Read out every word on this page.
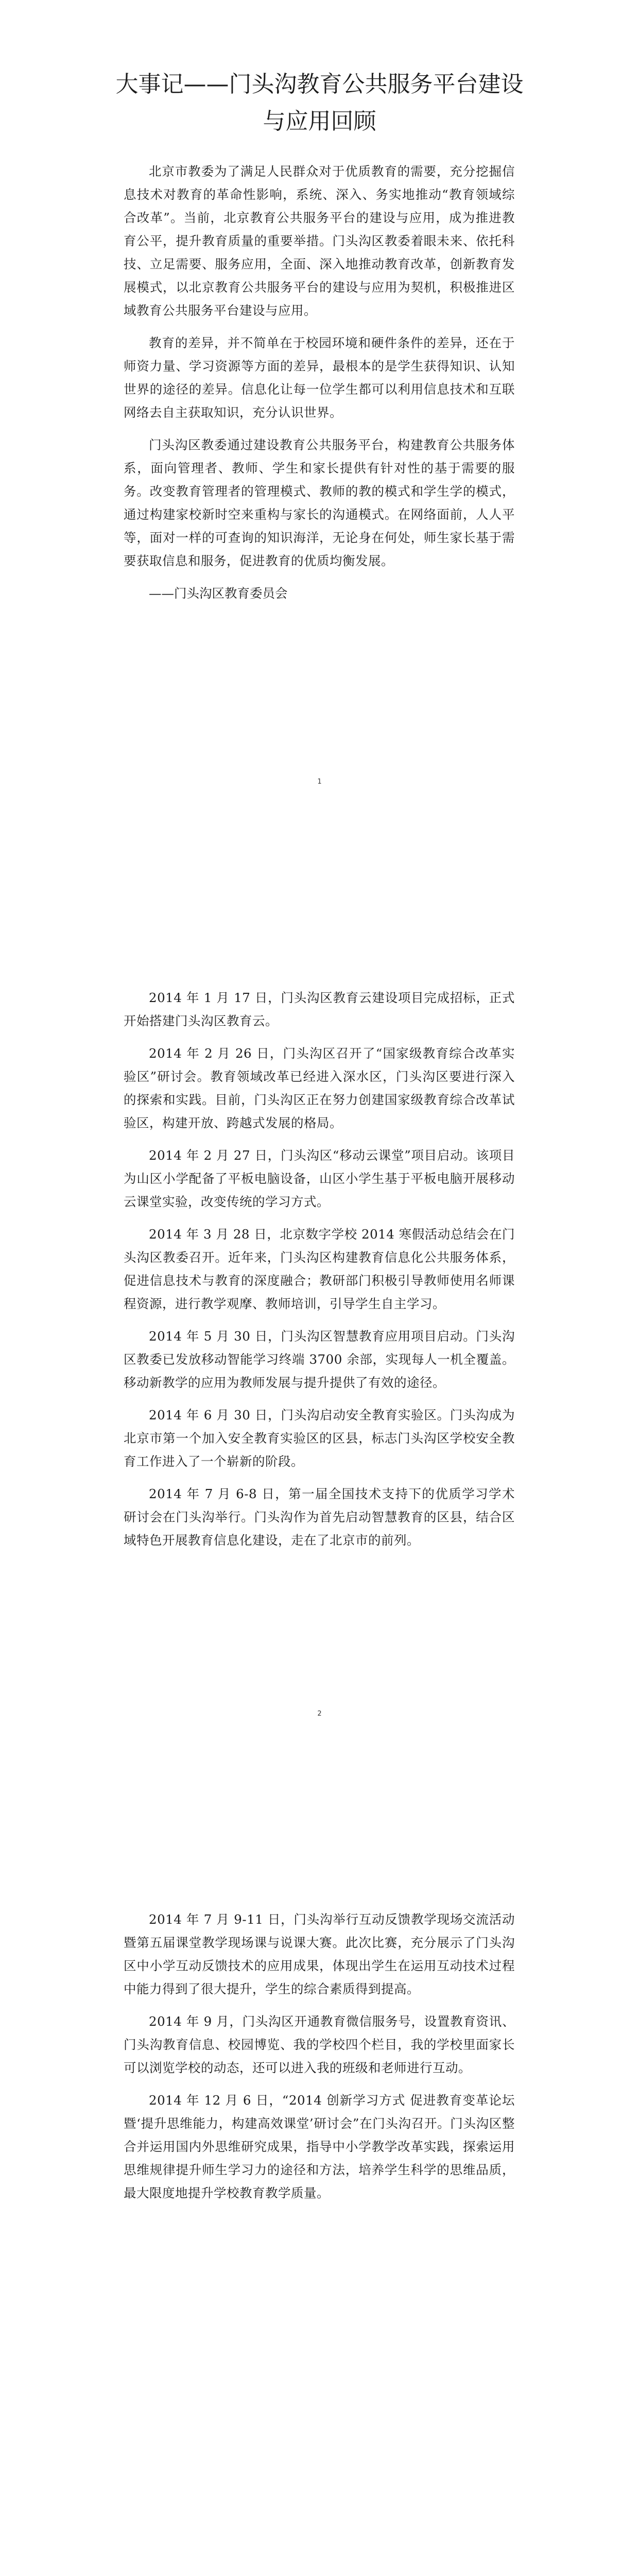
大事记——门头沟教育公共服务平台建设
与应用回顾

北京市教委为了满足人民群众对于优质教育的需要，充分挖掘信息技术对教育的革命性影响，系统、深入、务实地推动“教育领域综合改革”。当前，北京教育公共服务平台的建设与应用，成为推进教育公平，提升教育质量的重要举措。门头沟区教委着眼未来、依托科技、立足需要、服务应用，全面、深入地推动教育改革，创新教育发展模式，以北京教育公共服务平台的建设与应用为契机，积极推进区域教育公共服务平台建设与应用。

教育的差异，并不简单在于校园环境和硬件条件的差异，还在于师资力量、学习资源等方面的差异，最根本的是学生获得知识、认知世界的途径的差异。信息化让每一位学生都可以利用信息技术和互联网络去自主获取知识，充分认识世界。

门头沟区教委通过建设教育公共服务平台，构建教育公共服务体系，面向管理者、教师、学生和家长提供有针对性的基于需要的服务。改变教育管理者的管理模式、教师的教的模式和学生学的模式，通过构建家校新时空来重构与家长的沟通模式。在网络面前，人人平等，面对一样的可查询的知识海洋，无论身在何处，师生家长基于需要获取信息和服务，促进教育的优质均衡发展。

——门头沟区教育委员会

1

2014 年 1 月 17 日，门头沟区教育云建设项目完成招标，正式开始搭建门头沟区教育云。

2014 年 2 月 26 日，门头沟区召开了“国家级教育综合改革实验区”研讨会。教育领域改革已经进入深水区，门头沟区要进行深入的探索和实践。目前，门头沟区正在努力创建国家级教育综合改革试验区，构建开放、跨越式发展的格局。

2014 年 2 月 27 日，门头沟区“移动云课堂”项目启动。该项目为山区小学配备了平板电脑设备，山区小学生基于平板电脑开展移动云课堂实验，改变传统的学习方式。

2014 年 3 月 28 日，北京数字学校 2014 寒假活动总结会在门头沟区教委召开。近年来，门头沟区构建教育信息化公共服务体系，促进信息技术与教育的深度融合；教研部门积极引导教师使用名师课程资源，进行教学观摩、教师培训，引导学生自主学习。

2014 年 5 月 30 日，门头沟区智慧教育应用项目启动。门头沟区教委已发放移动智能学习终端 3700 余部，实现每人一机全覆盖。移动新教学的应用为教师发展与提升提供了有效的途径。

2014 年 6 月 30 日，门头沟启动安全教育实验区。门头沟成为北京市第一个加入安全教育实验区的区县，标志门头沟区学校安全教育工作进入了一个崭新的阶段。

2014 年 7 月 6-8 日，第一届全国技术支持下的优质学习学术研讨会在门头沟举行。门头沟作为首先启动智慧教育的区县，结合区域特色开展教育信息化建设，走在了北京市的前列。

2

2014 年 7 月 9-11 日，门头沟举行互动反馈教学现场交流活动暨第五届课堂教学现场课与说课大赛。此次比赛，充分展示了门头沟区中小学互动反馈技术的应用成果，体现出学生在运用互动技术过程中能力得到了很大提升，学生的综合素质得到提高。

2014 年 9 月，门头沟区开通教育微信服务号，设置教育资讯、门头沟教育信息、校园博览、我的学校四个栏目，我的学校里面家长可以浏览学校的动态，还可以进入我的班级和老师进行互动。

2014 年 12 月 6 日，“2014 创新学习方式 促进教育变革论坛暨‘提升思维能力，构建高效课堂’研讨会”在门头沟召开。门头沟区整合并运用国内外思维研究成果，指导中小学教学改革实践，探索运用思维规律提升师生学习力的途径和方法，培养学生科学的思维品质，最大限度地提升学校教育教学质量。
